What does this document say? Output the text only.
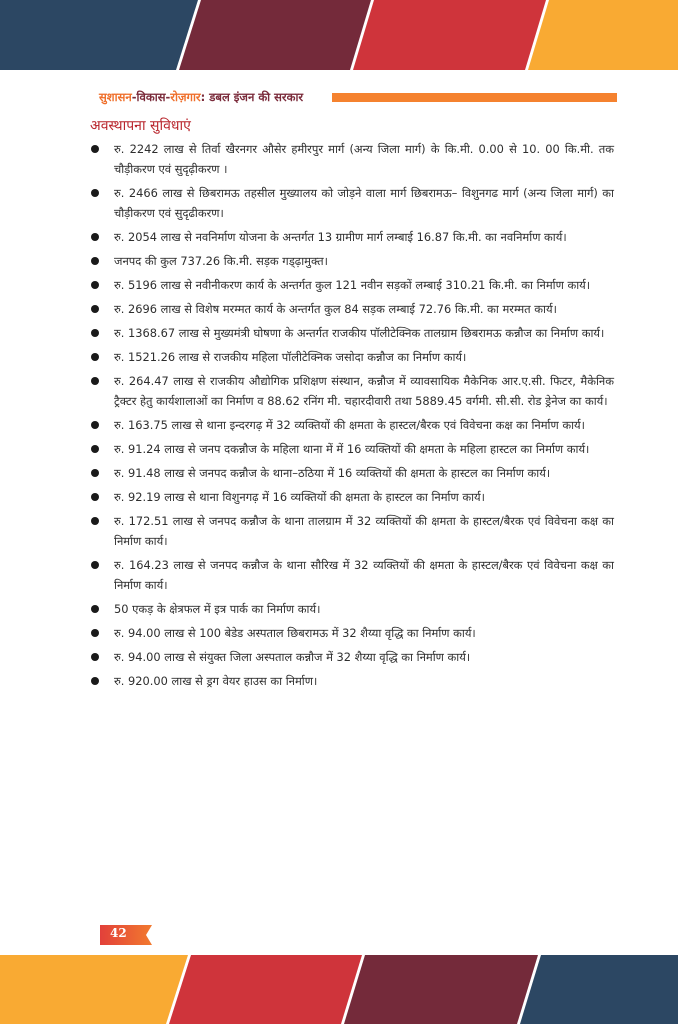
सुशासन - विकास - रोज़गार : डबल इंजन की सरकार
अवस्थापना सुविधाएं
रु. 2242 लाख से तिर्वा खैरनगर औसेर हमीरपुर मार्ग (अन्य जिला मार्ग) के कि.मी. 0.00 से 10. 00 कि.मी. तक चौड़ीकरण एवं सुदृढ़ीकरण ।
रु. 2466 लाख से छिबरामऊ तहसील मुख्यालय को जोड़ने वाला मार्ग छिबरामऊ– विशुनगढ मार्ग (अन्य जिला मार्ग) का चौड़ीकरण एवं सुदृढीकरण।
रु. 2054 लाख से नवनिर्माण योजना के अन्तर्गत 13 ग्रामीण मार्ग लम्बाई 16.87 कि.मी. का नवनिर्माण कार्य।
जनपद की कुल 737.26 कि.मी. सड़क गड्ढ़ामुक्त।
रु. 5196 लाख से नवीनीकरण कार्य के अन्तर्गत कुल 121 नवीन सड़कों लम्बाई 310.21 कि.मी. का निर्माण कार्य।
रु. 2696 लाख से विशेष मरम्मत कार्य के अन्तर्गत कुल 84 सड़क लम्बाई 72.76 कि.मी. का मरम्मत कार्य।
रु. 1368.67 लाख से मुख्यमंत्री घोषणा के अन्तर्गत राजकीय पॉलीटेक्निक तालग्राम छिबरामऊ कन्नौज का निर्माण कार्य।
रु. 1521.26 लाख से राजकीय महिला पॉलीटेक्निक जसोदा कन्नौज का निर्माण कार्य।
रु. 264.47 लाख से राजकीय औद्योगिक प्रशिक्षण संस्थान, कन्नौज में व्यावसायिक मैकेनिक आर.ए.सी. फिटर, मैकेनिक ट्रैक्टर हेतु कार्यशालाओं का निर्माण व 88.62 रनिंग मी. चहारदीवारी तथा 5889.45 वर्गमी. सी.सी. रोड ड्रेनेज का कार्य।
रु. 163.75 लाख से थाना इन्दरगढ़ में 32 व्यक्तियों की क्षमता के हास्टल/बैरक एवं विवेचना कक्ष का निर्माण कार्य।
रु. 91.24 लाख से जनप दकन्नौज के महिला थाना में में 16 व्यक्तियों की क्षमता के महिला हास्टल का निर्माण कार्य।
रु. 91.48 लाख से जनपद कन्नौज के थाना–ठठिया में 16 व्यक्तियों की क्षमता के हास्टल का निर्माण कार्य।
रु. 92.19 लाख से थाना विशुनगढ़ में 16 व्यक्तियों की क्षमता के हास्टल का निर्माण कार्य।
रु. 172.51 लाख से जनपद कन्नौज के थाना तालग्राम में 32 व्यक्तियों की क्षमता के हास्टल/बैरक एवं विवेचना कक्ष का निर्माण कार्य।
रु. 164.23 लाख से जनपद कन्नौज के थाना सौरिख में 32 व्यक्तियों की क्षमता के हास्टल/बैरक एवं विवेचना कक्ष का निर्माण कार्य।
50 एकड़ के क्षेत्रफल में इत्र पार्क का निर्माण कार्य।
रु. 94.00 लाख से 100 बेडेड अस्पताल छिबरामऊ में 32 शैय्या वृद्धि का निर्माण कार्य।
रु. 94.00 लाख से संयुक्त जिला अस्पताल कन्नौज में 32 शैय्या वृद्धि का निर्माण कार्य।
रु. 920.00 लाख से ड्रग वेयर हाउस का निर्माण।
42
